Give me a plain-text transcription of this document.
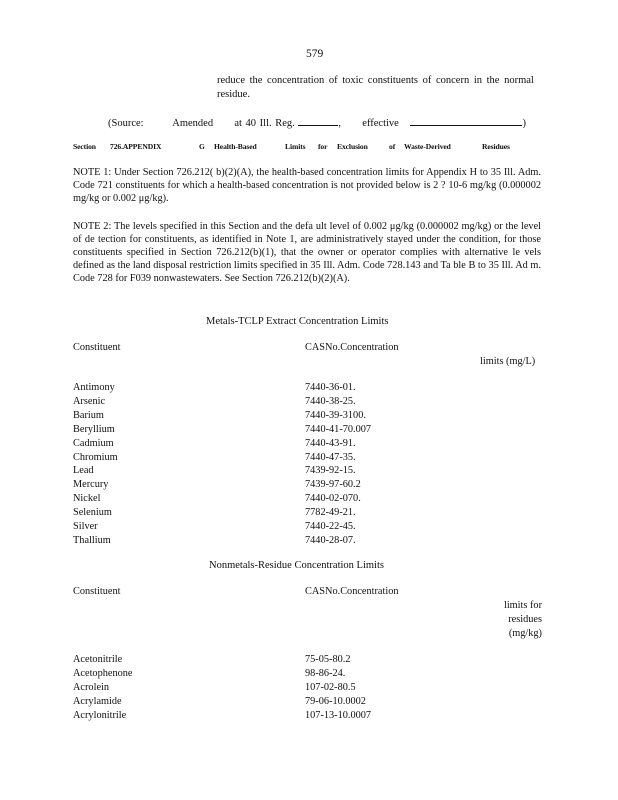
579
reduce the concentration of toxic constituents of concern in the normal residue.
(Source:	Amended at 40 Ill. Reg.	, effective	)
Section 726.APPENDIX	G Health-Based	Limits for Exclusion	of Waste-Derived	Residues
NOTE 1: Under Section 726.212( b)(2)(A), the health-based concentration limits for Appendix H to 35 Ill. Adm. Code 721 constituents for which a health-based concentration is not provided below is 2 ? 10-6 mg/kg (0.000002 mg/kg or 0.002 μg/kg).
NOTE 2: The levels specified in this Section and the defa ult level of 0.002 μg/kg (0.000002 mg/kg) or the level of de tection for constituents, as identified in Note 1, are administratively stayed under the condition, for those constituents specified in Section 726.212(b)(1), that the owner or operator complies with alternative le vels defined as the land disposal restriction limits specified in 35 Ill. Adm. Code 728.143 and Ta ble B to 35 Ill. Ad m. Code 728 for F039 nonwastewaters. See Section 726.212(b)(2)(A).
Metals-TCLP Extract Concentration Limits
Constituent	CASNo.Concentration
limits (mg/L)
Antimony	7440-36-01.
Arsenic	7440-38-25.
Barium	7440-39-3100.
Beryllium	7440-41-70.007
Cadmium	7440-43-91.
Chromium	7440-47-35.
Lead	7439-92-15.
Mercury	7439-97-60.2
Nickel	7440-02-070.
Selenium	7782-49-21.
Silver	7440-22-45.
Thallium	7440-28-07.
Nonmetals-Residue Concentration Limits
Constituent	CASNo.Concentration
limits for
residues
(mg/kg)
Acetonitrile	75-05-80.2
Acetophenone	98-86-24.
Acrolein	107-02-80.5
Acrylamide	79-06-10.0002
Acrylonitrile	107-13-10.0007
